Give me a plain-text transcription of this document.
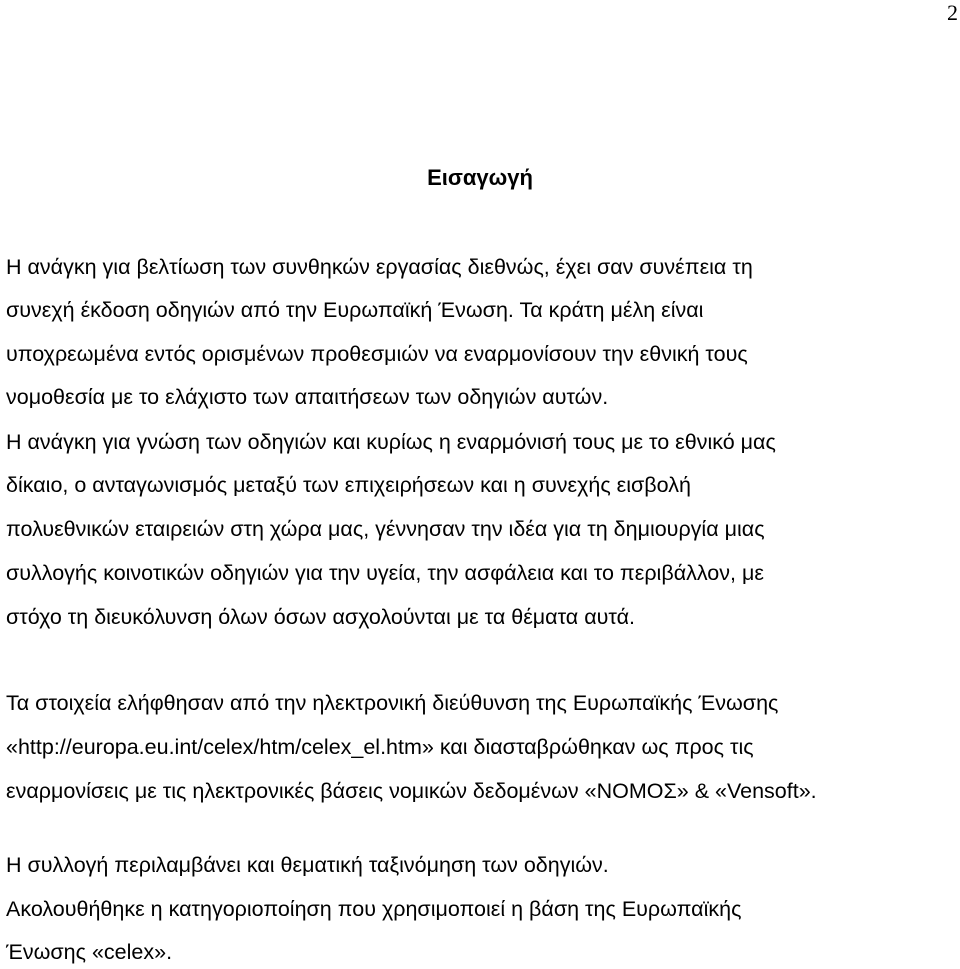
2
Εισαγωγή
Η ανάγκη για βελτίωση των συνθηκών εργασίας διεθνώς, έχει σαν συνέπεια τη
συνεχή έκδοση οδηγιών από την Ευρωπαϊκή Ένωση. Τα κράτη μέλη είναι
υποχρεωμένα εντός ορισμένων προθεσμιών να εναρμονίσουν την εθνική τους
νομοθεσία με το ελάχιστο των απαιτήσεων των οδηγιών αυτών.
Η ανάγκη για γνώση των οδηγιών και κυρίως η εναρμόνισή τους με το εθνικό μας
δίκαιο, ο ανταγωνισμός μεταξύ των επιχειρήσεων και η συνεχής εισβολή
πολυεθνικών εταιρειών στη χώρα μας, γέννησαν την ιδέα για τη δημιουργία μιας
συλλογής κοινοτικών οδηγιών για την υγεία, την ασφάλεια και το περιβάλλον, με
στόχο τη διευκόλυνση όλων όσων ασχολούνται με τα θέματα αυτά.
Τα στοιχεία ελήφθησαν από την ηλεκτρονική διεύθυνση της Ευρωπαϊκής Ένωσης
«http://europa.eu.int/celex/htm/celex_el.htm» και διασταβρώθηκαν ως προς τις
εναρμονίσεις με τις ηλεκτρονικές βάσεις νομικών δεδομένων «ΝΟΜΟΣ» & «Vensoft».
Η συλλογή περιλαμβάνει και θεματική ταξινόμηση των οδηγιών.
Ακολουθήθηκε η κατηγοριοποίηση που χρησιμοποιεί η βάση της Ευρωπαϊκής
Ένωσης «celex».
